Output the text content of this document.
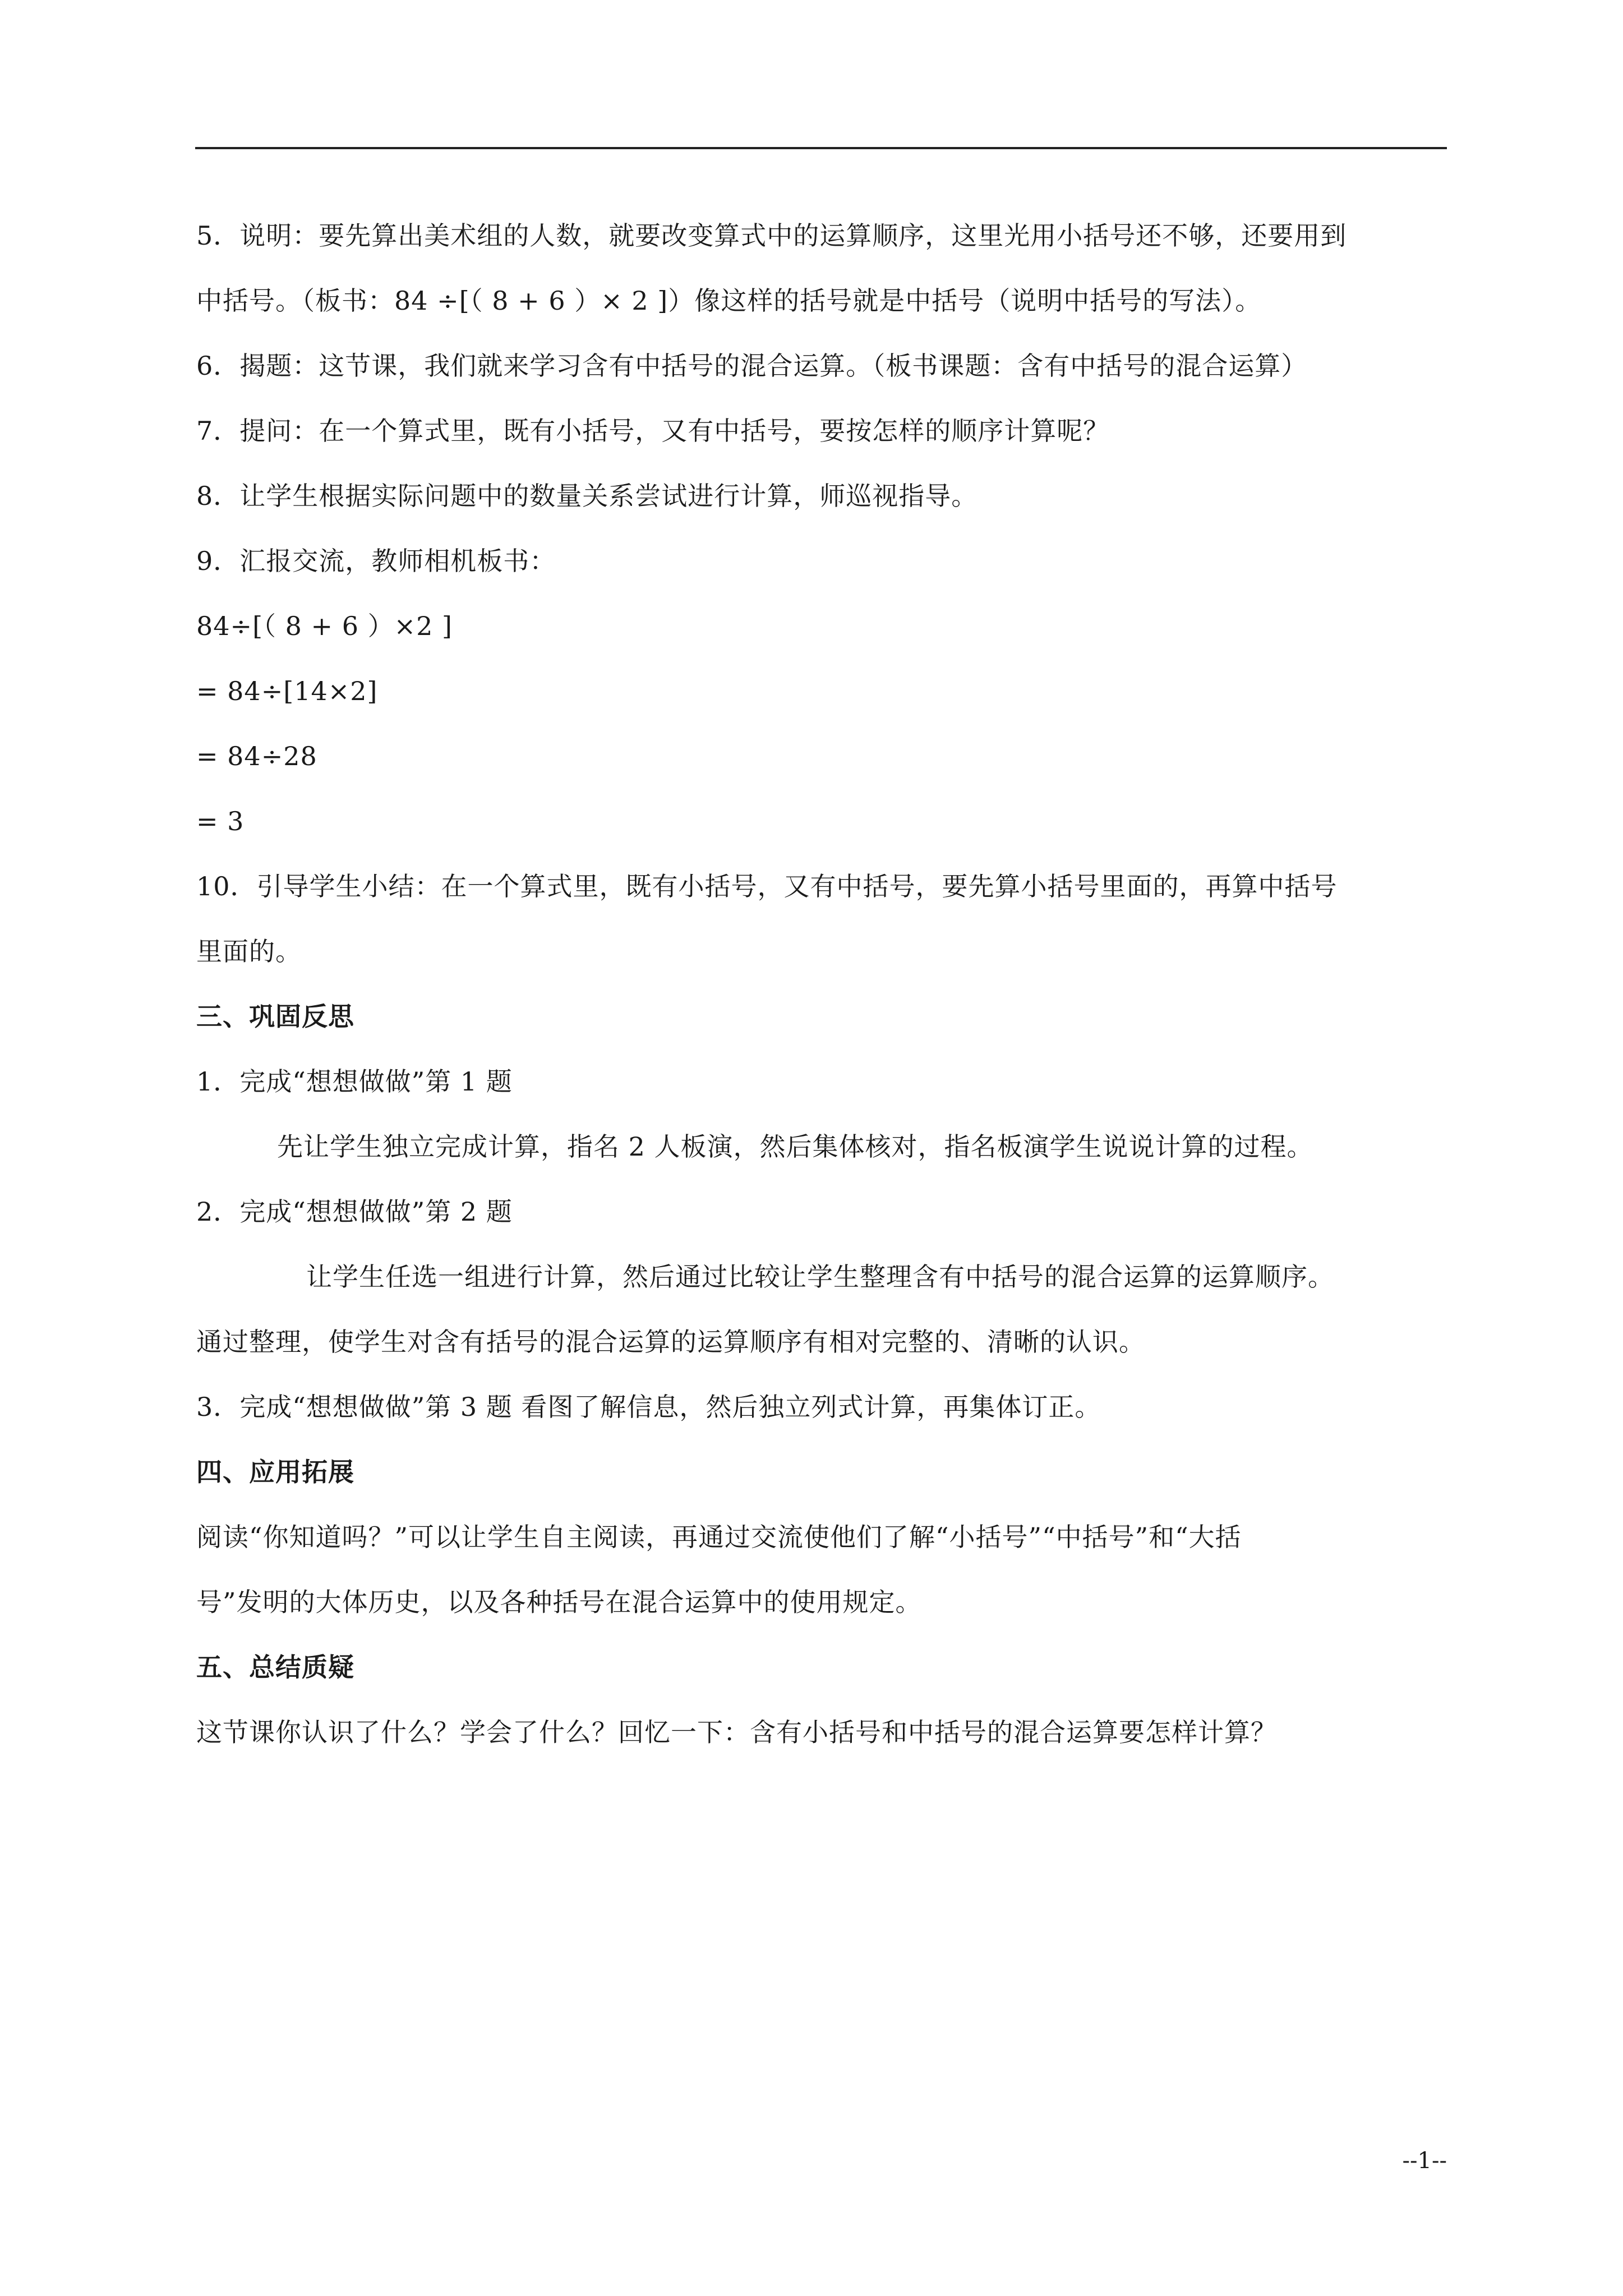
5．说明：要先算出美术组的人数，就要改变算式中的运算顺序，这里光用小括号还不够，还要用到
中括号。（板书：84 ÷[（ 8 + 6 ）× 2 ]）像这样的括号就是中括号（说明中括号的写法）。
6．揭题：这节课，我们就来学习含有中括号的混合运算。（板书课题：含有中括号的混合运算）
7．提问：在一个算式里，既有小括号，又有中括号，要按怎样的顺序计算呢？
8．让学生根据实际问题中的数量关系尝试进行计算，师巡视指导。
9．汇报交流，教师相机板书：
84÷[（ 8 + 6 ）×2 ]
= 84÷[14×2]
= 84÷28
= 3
10．引导学生小结：在一个算式里，既有小括号，又有中括号，要先算小括号里面的，再算中括号
里面的。
三、巩固反思
1．完成“想想做做”第 1 题
先让学生独立完成计算，指名 2 人板演，然后集体核对，指名板演学生说说计算的过程。
2．完成“想想做做”第 2 题
让学生任选一组进行计算，然后通过比较让学生整理含有中括号的混合运算的运算顺序。
通过整理，使学生对含有括号的混合运算的运算顺序有相对完整的、清晰的认识。
3．完成“想想做做”第 3 题 看图了解信息，然后独立列式计算，再集体订正。
四、应用拓展
阅读“你知道吗？”可以让学生自主阅读，再通过交流使他们了解“小括号”“中括号”和“大括
号”发明的大体历史，以及各种括号在混合运算中的使用规定。
五、总结质疑
这节课你认识了什么？学会了什么？回忆一下：含有小括号和中括号的混合运算要怎样计算？
--1--
